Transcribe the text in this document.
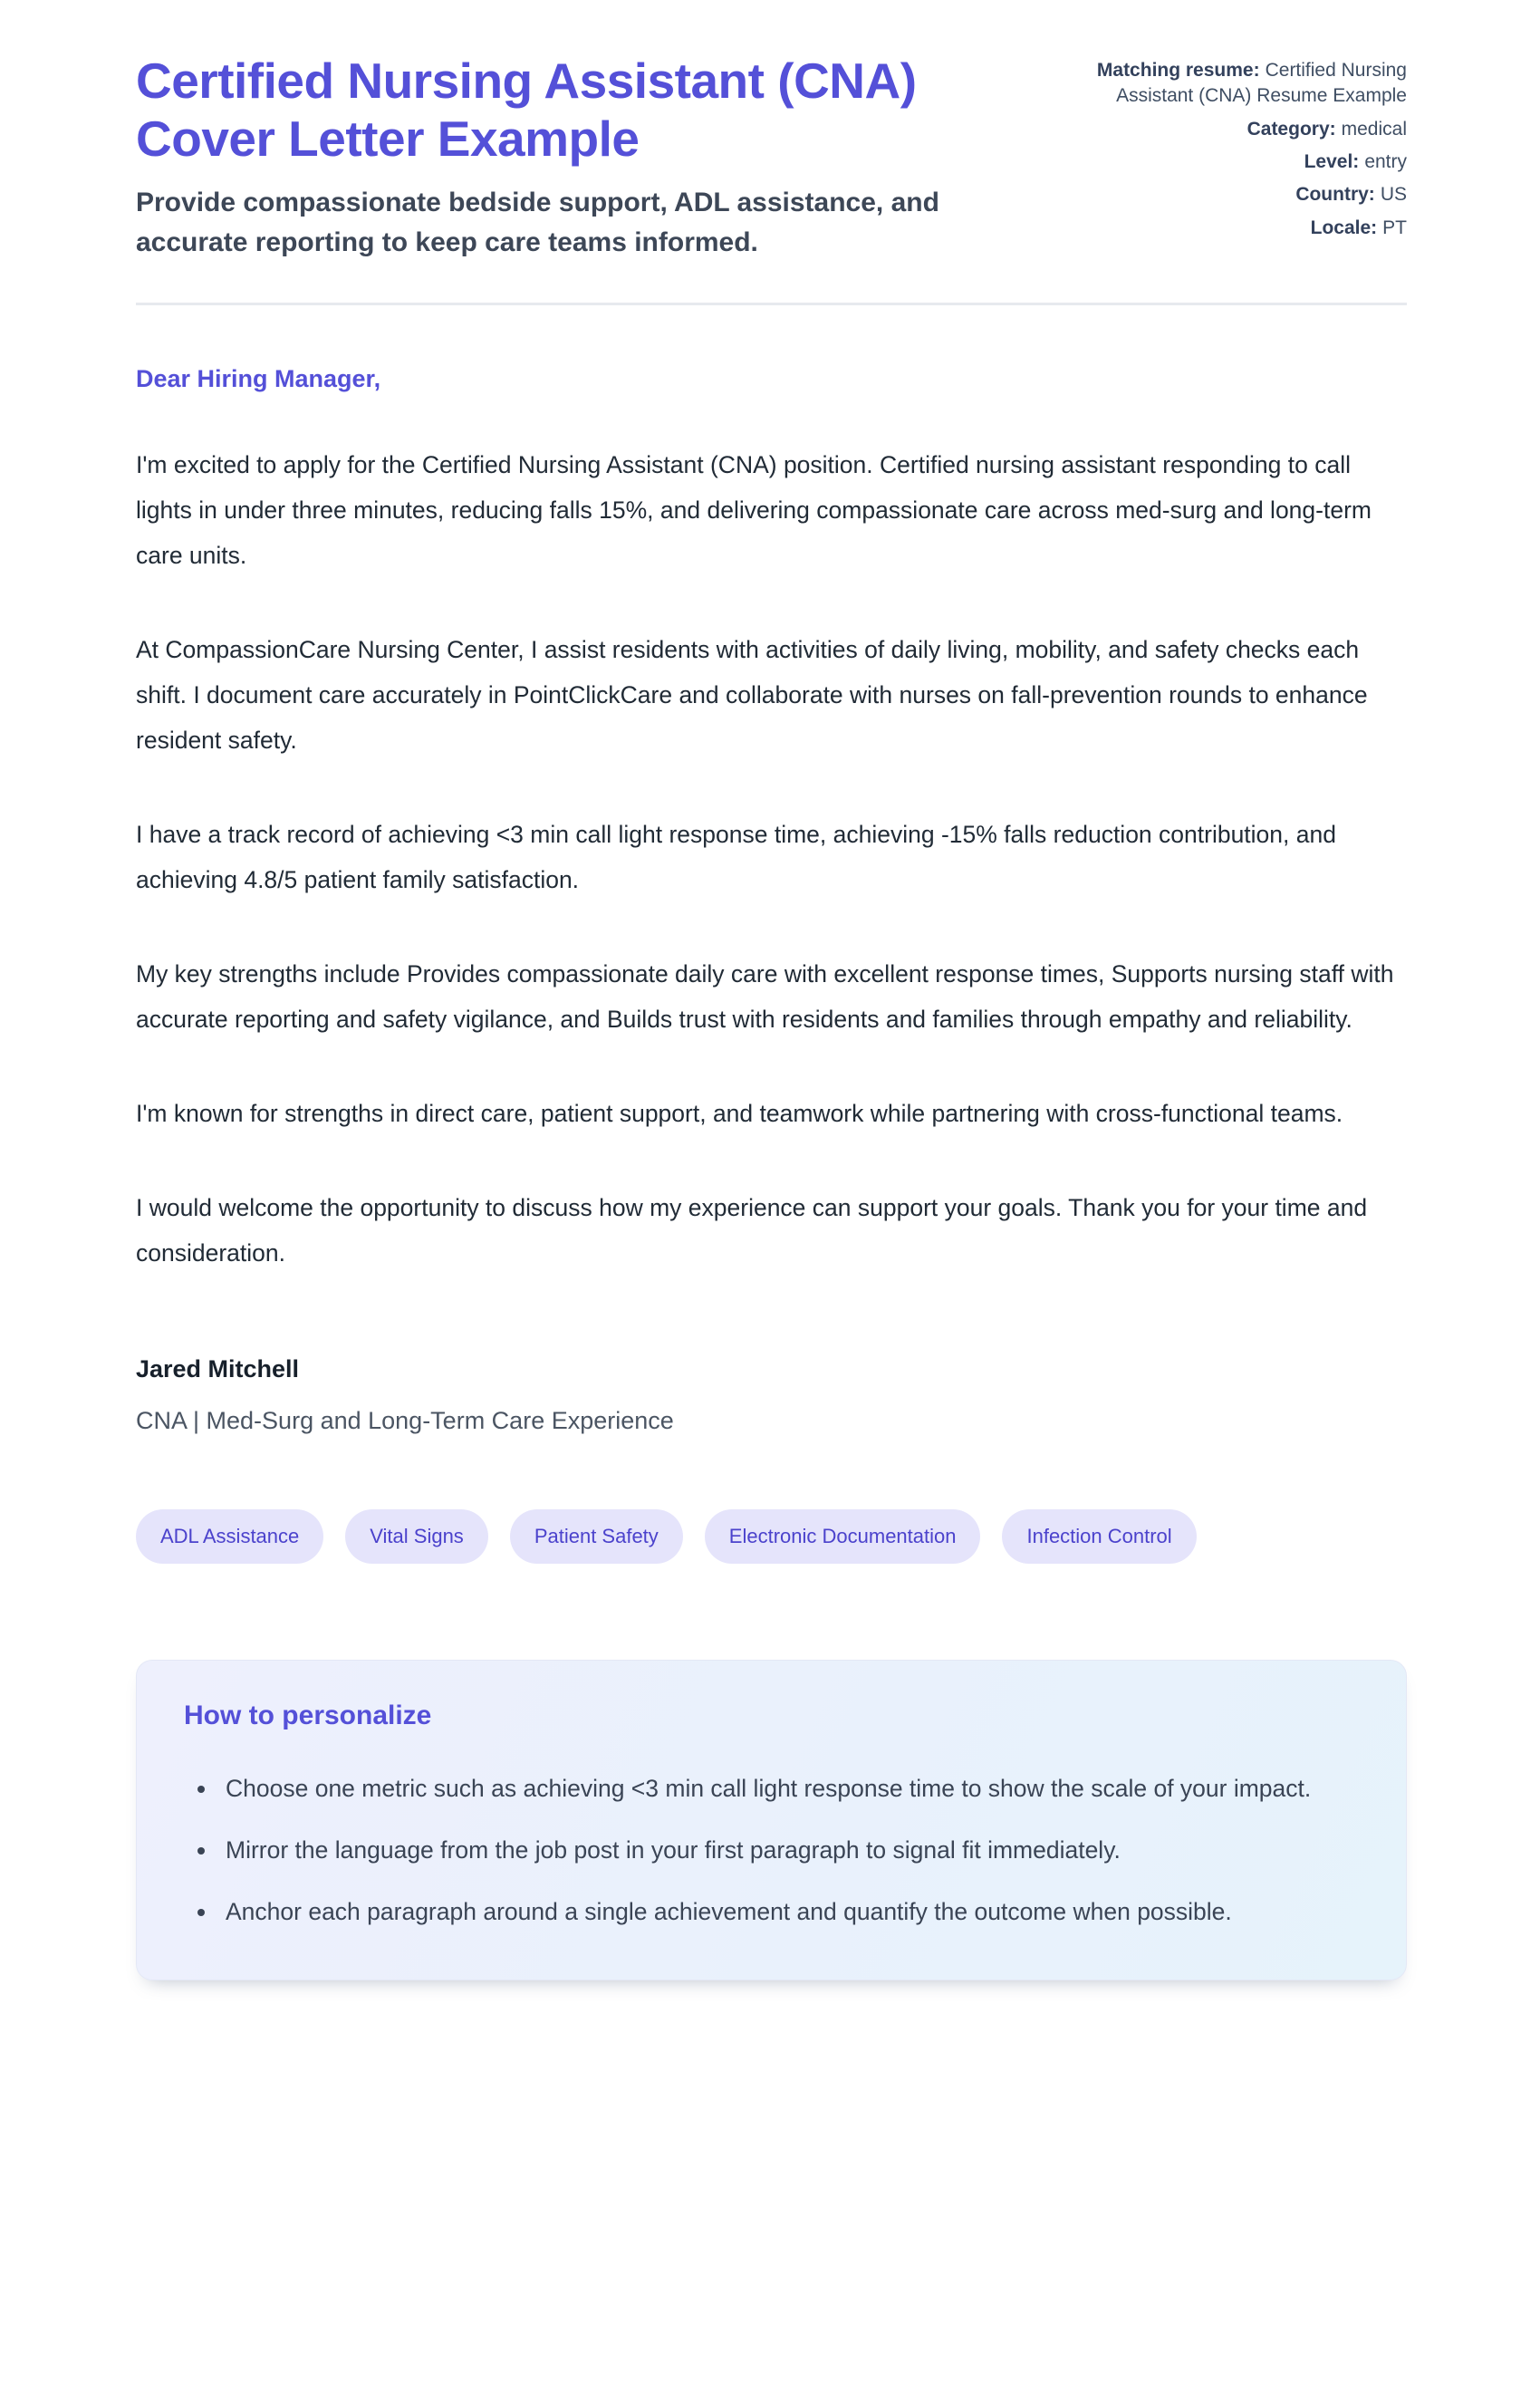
Certified Nursing Assistant (CNA) Cover Letter Example

Provide compassionate bedside support, ADL assistance, and accurate reporting to keep care teams informed.

Matching resume: Certified Nursing Assistant (CNA) Resume Example
Category: medical
Level: entry
Country: US
Locale: PT

Dear Hiring Manager,

I'm excited to apply for the Certified Nursing Assistant (CNA) position. Certified nursing assistant responding to call lights in under three minutes, reducing falls 15%, and delivering compassionate care across med-surg and long-term care units.

At CompassionCare Nursing Center, I assist residents with activities of daily living, mobility, and safety checks each shift. I document care accurately in PointClickCare and collaborate with nurses on fall-prevention rounds to enhance resident safety.

I have a track record of achieving <3 min call light response time, achieving -15% falls reduction contribution, and achieving 4.8/5 patient family satisfaction.

My key strengths include Provides compassionate daily care with excellent response times, Supports nursing staff with accurate reporting and safety vigilance, and Builds trust with residents and families through empathy and reliability.

I'm known for strengths in direct care, patient support, and teamwork while partnering with cross-functional teams.

I would welcome the opportunity to discuss how my experience can support your goals. Thank you for your time and consideration.

Jared Mitchell

CNA | Med-Surg and Long-Term Care Experience

ADL Assistance	Vital Signs	Patient Safety	Electronic Documentation	Infection Control
How to personalize
• Choose one metric such as achieving <3 min call light response time to show the scale of your impact.
• Mirror the language from the job post in your first paragraph to signal fit immediately.
• Anchor each paragraph around a single achievement and quantify the outcome when possible.
